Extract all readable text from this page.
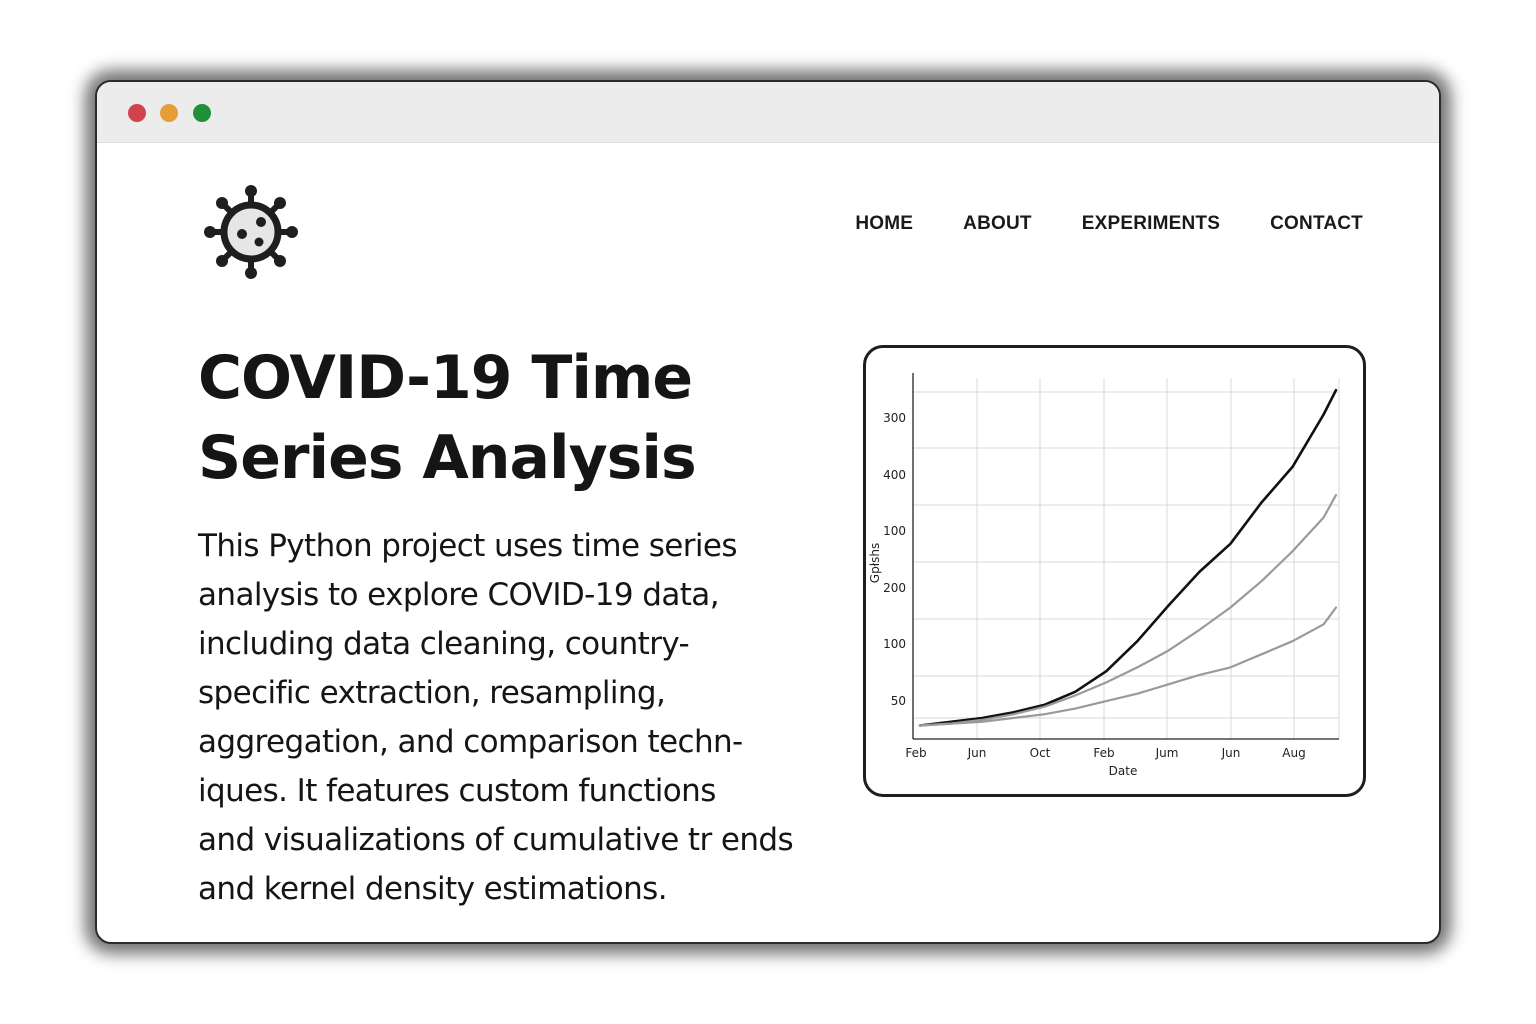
HOME	ABOUT	EXPERIMENTS	CONTACT
COVID-19 Time
Series Analysis

This Python project uses time series
analysis to explore COVID-19 data,
including data cleaning, country-
specific extraction, resampling,
aggregation, and comparison techn-
iques. It features custom functions
and visualizations of cumulative tr ends
and kernel density estimations.

50
100
200
100
400
300
Feb	Jun	Oct	Feb	Jum	Jun	Aug
Date
Gpłshs
